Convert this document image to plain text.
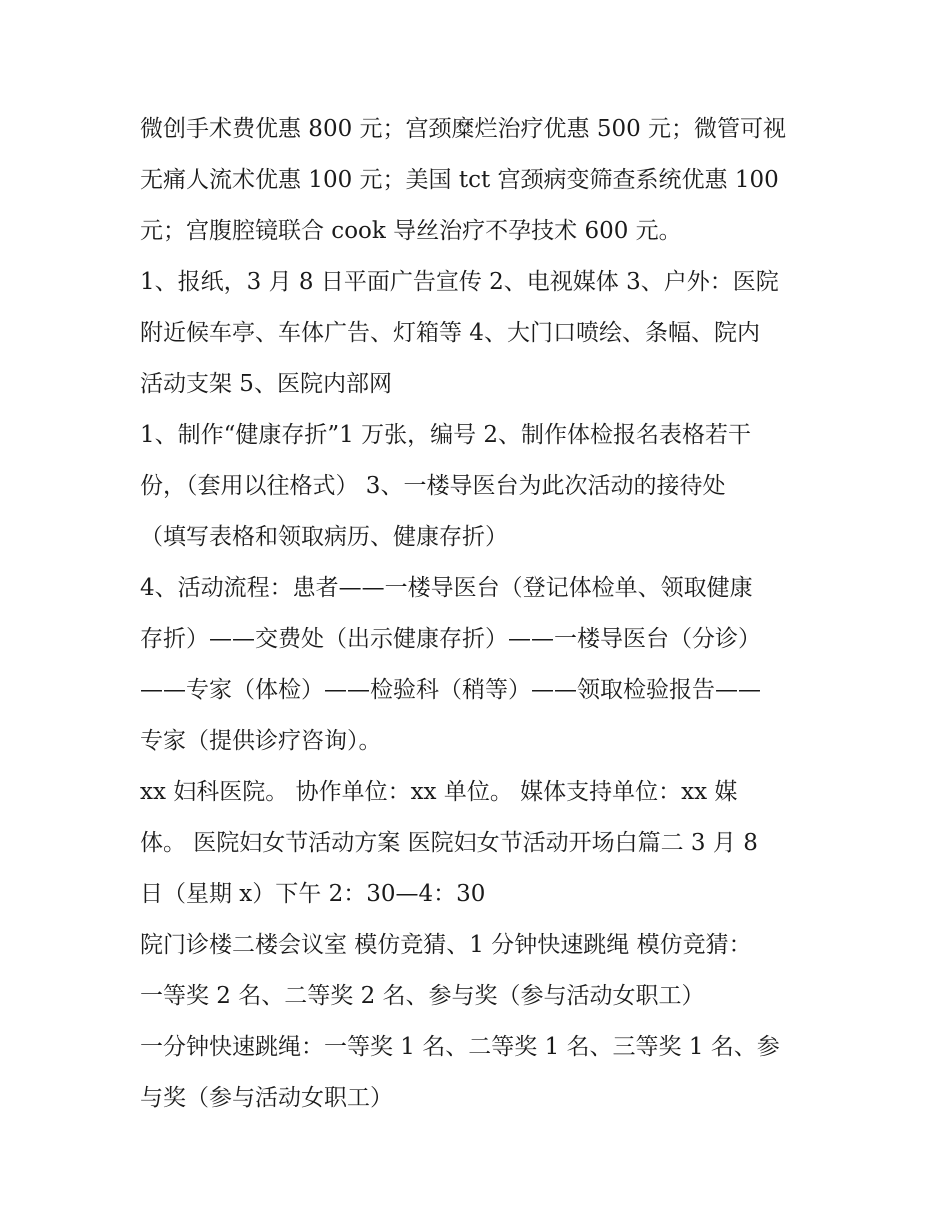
微创手术费优惠 800 元；宫颈糜烂治疗优惠 500 元；微管可视
无痛人流术优惠 100 元；美国 tct 宫颈病变筛查系统优惠 100
元；宫腹腔镜联合 cook 导丝治疗不孕技术 600 元。
1、报纸，3 月 8 日平面广告宣传 2、电视媒体 3、户外：医院
附近候车亭、车体广告、灯箱等 4、大门口喷绘、条幅、院内
活动支架 5、医院内部网
1、制作“健康存折”1 万张，编号 2、制作体检报名表格若干
份，（套用以往格式） 3、一楼导医台为此次活动的接待处
（填写表格和领取病历、健康存折）
4、活动流程：患者——一楼导医台（登记体检单、领取健康
存折）——交费处（出示健康存折）——一楼导医台（分诊）
——专家（体检）——检验科（稍等）——领取检验报告——
专家（提供诊疗咨询）。
xx 妇科医院。 协作单位：xx 单位。 媒体支持单位：xx 媒
体。 医院妇女节活动方案 医院妇女节活动开场白篇二 3 月 8
日（星期 x）下午 2：30—4：30
院门诊楼二楼会议室 模仿竞猜、1 分钟快速跳绳 模仿竞猜：
一等奖 2 名、二等奖 2 名、参与奖（参与活动女职工）
一分钟快速跳绳：一等奖 1 名、二等奖 1 名、三等奖 1 名、参
与奖（参与活动女职工）
